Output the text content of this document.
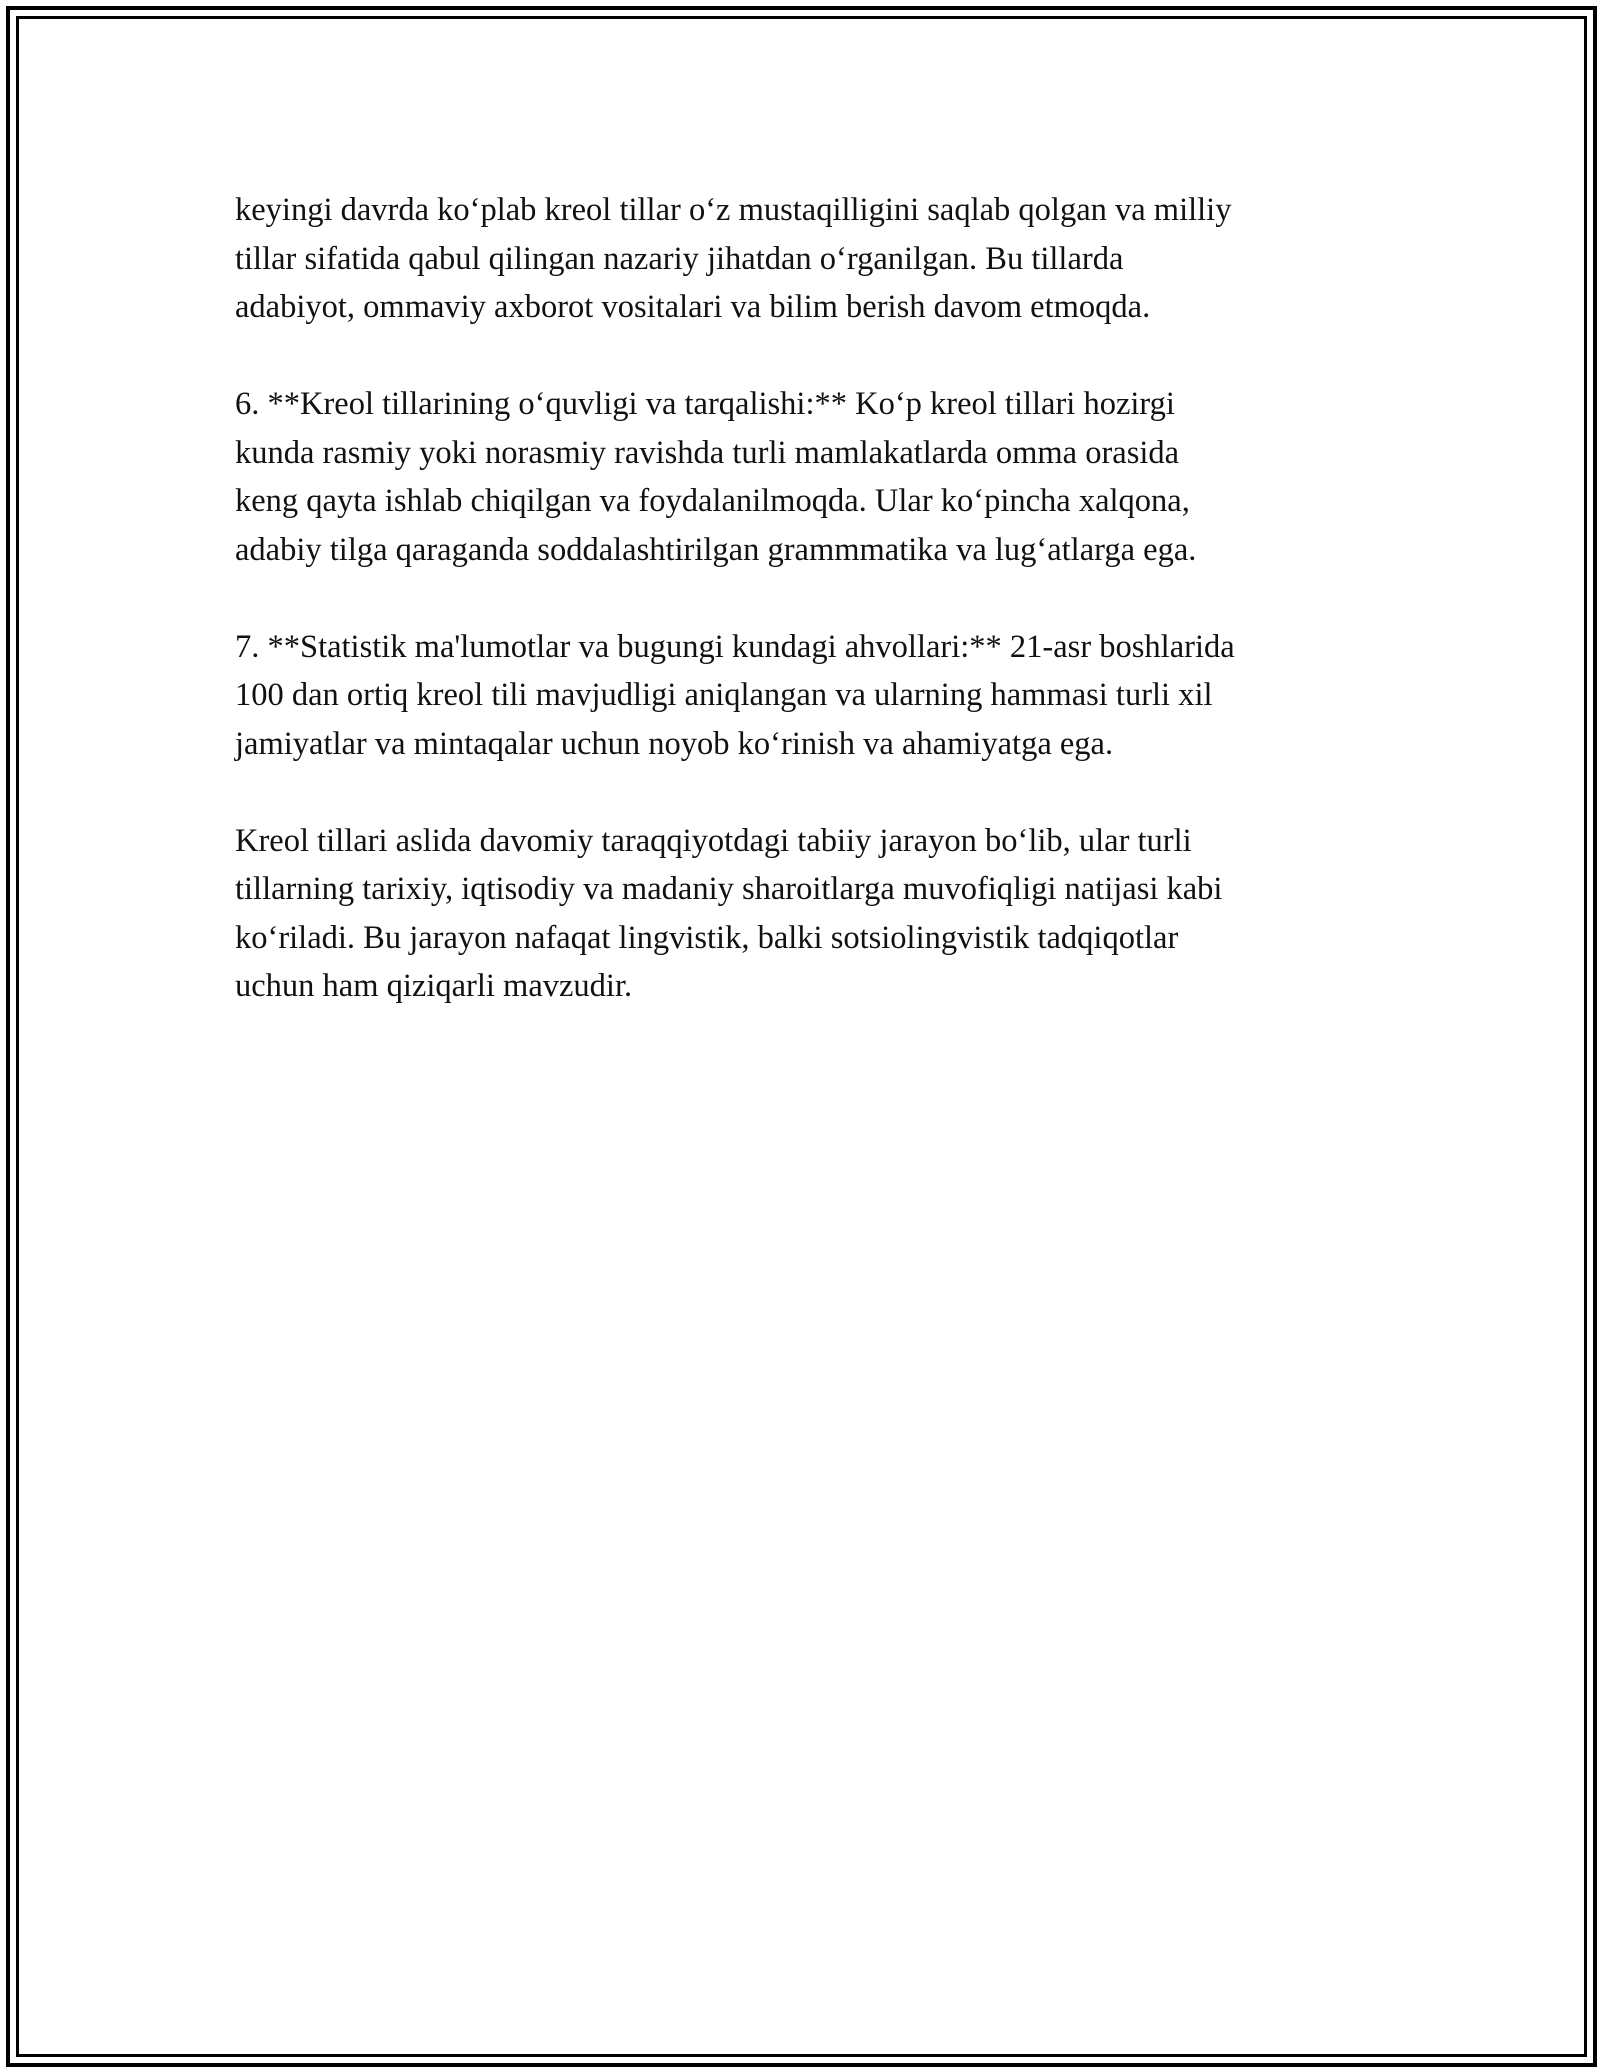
keyingi davrda ko‘plab kreol tillar o‘z mustaqilligini saqlab qolgan va milliy
tillar sifatida qabul qilingan nazariy jihatdan o‘rganilgan. Bu tillarda
adabiyot, ommaviy axborot vositalari va bilim berish davom etmoqda.

6. **Kreol tillarining o‘quvligi va tarqalishi:** Ko‘p kreol tillari hozirgi
kunda rasmiy yoki norasmiy ravishda turli mamlakatlarda omma orasida
keng qayta ishlab chiqilgan va foydalanilmoqda. Ular ko‘pincha xalqona,
adabiy tilga qaraganda soddalashtirilgan grammmatika va lug‘atlarga ega.

7. **Statistik ma'lumotlar va bugungi kundagi ahvollari:** 21-asr boshlarida
100 dan ortiq kreol tili mavjudligi aniqlangan va ularning hammasi turli xil
jamiyatlar va mintaqalar uchun noyob ko‘rinish va ahamiyatga ega.

Kreol tillari aslida davomiy taraqqiyotdagi tabiiy jarayon bo‘lib, ular turli
tillarning tarixiy, iqtisodiy va madaniy sharoitlarga muvofiqligi natijasi kabi
ko‘riladi. Bu jarayon nafaqat lingvistik, balki sotsiolingvistik tadqiqotlar
uchun ham qiziqarli mavzudir.
